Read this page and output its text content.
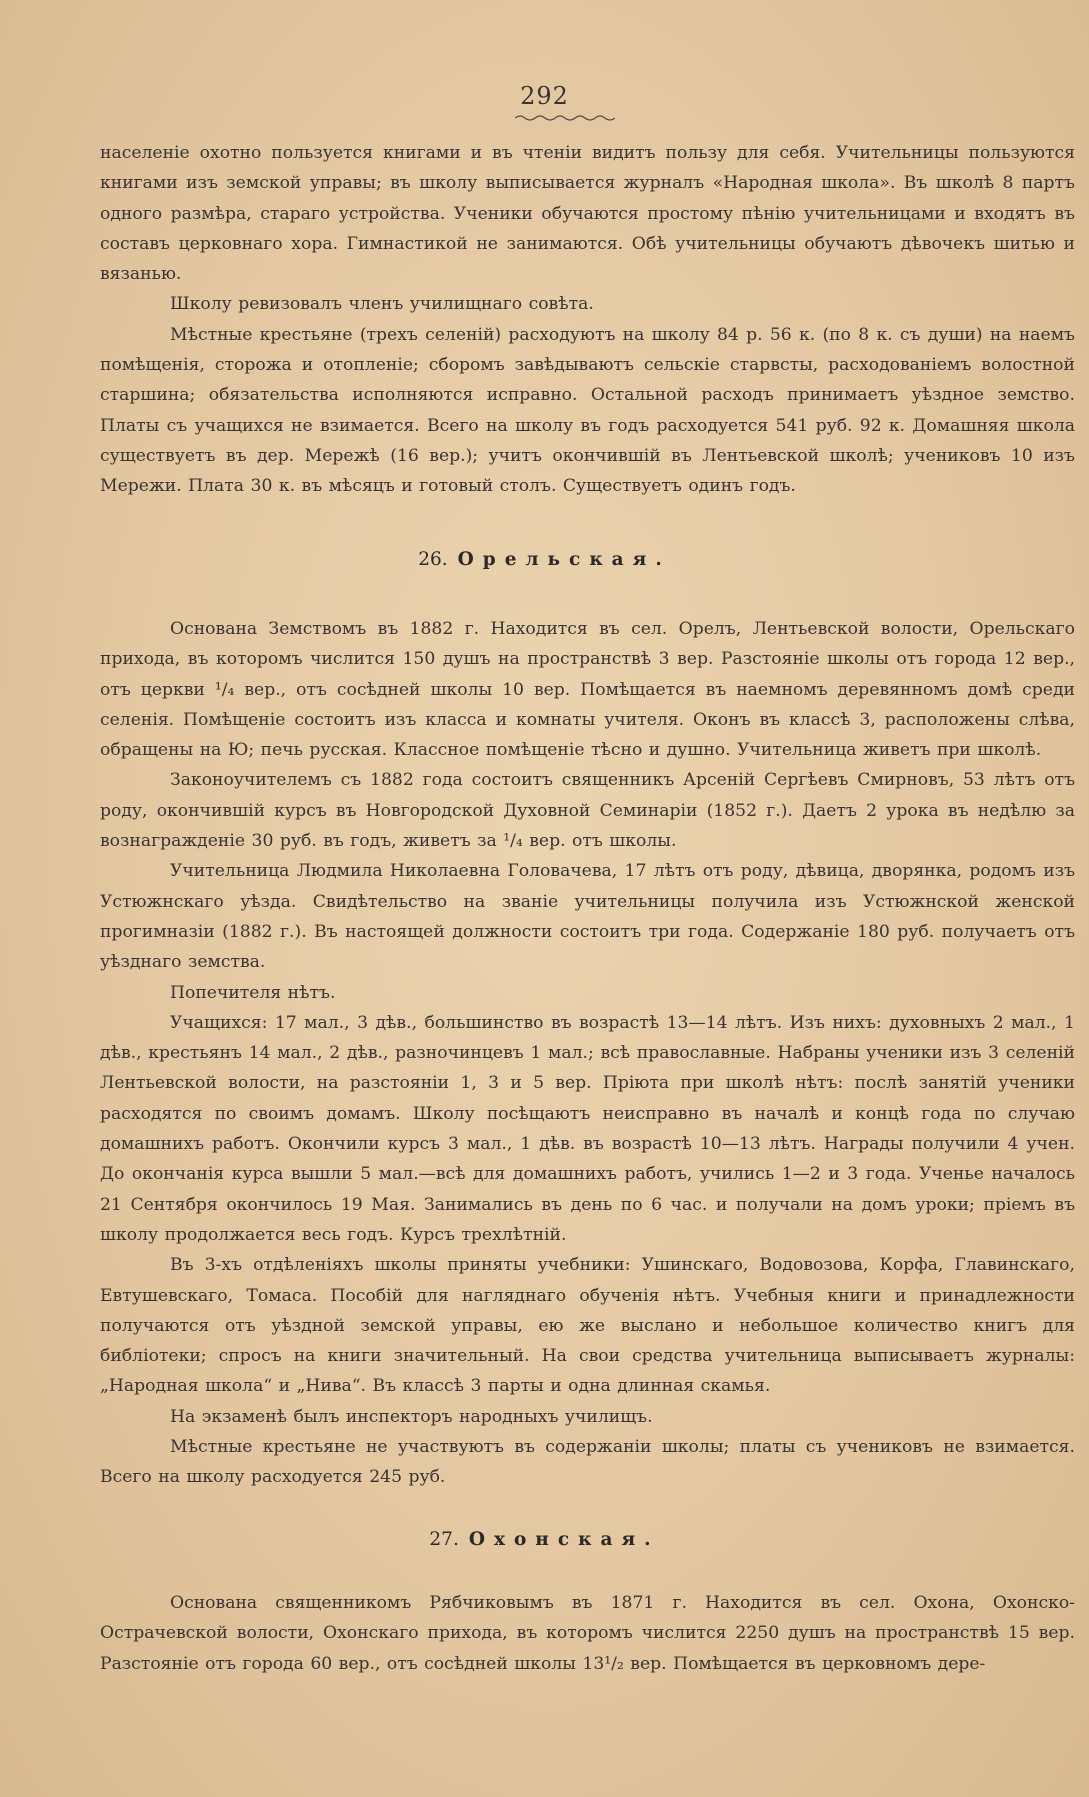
292

населеніе охотно пользуется книгами и въ чтеніи видитъ пользу для себя. Учительницы пользуются книгами изъ земской управы; въ школу выписывается журналъ «Народная школа». Въ школѣ 8 партъ одного размѣра, стараго устройства. Ученики обучаются простому пѣнію учительницами и входятъ въ составъ церковнаго хора. Гимнастикой не занимаются. Обѣ учительницы обучаютъ дѣвочекъ шитью и вязанью.

Школу ревизовалъ членъ училищнаго совѣта.

Мѣстные крестьяне (трехъ селеній) расходуютъ на школу 84 р. 56 к. (по 8 к. съ души) на наемъ помѣщенія, сторожа и отопленіе; сборомъ завѣдываютъ сельскіе старвсты, расходованіемъ волостной старшина; обязательства исполняются исправно. Остальной расходъ принимаетъ уѣздное земство. Платы съ учащихся не взимается. Всего на школу въ годъ расходуется 541 руб. 92 к. Домашняя школа существуетъ въ дер. Мережѣ (16 вер.); учитъ окончившій въ Лентьевской школѣ; учениковъ 10 изъ Мережи. Плата 30 к. въ мѣсяцъ и готовый столъ. Существуетъ одинъ годъ.

26. Орельская.

Основана Земствомъ въ 1882 г. Находится въ сел. Орелъ, Лентьевской волости, Орельскаго прихода, въ которомъ числится 150 душъ на пространствѣ 3 вер. Разстояніе школы отъ города 12 вер., отъ церкви ¹/₄ вер., отъ сосѣдней школы 10 вер. Помѣщается въ наемномъ деревянномъ домѣ среди селенія. Помѣщеніе состоитъ изъ класса и комнаты учителя. Оконъ въ классѣ 3, расположены слѣва, обращены на Ю; печь русская. Классное помѣщеніе тѣсно и душно. Учительница живетъ при школѣ.

Законоучителемъ съ 1882 года состоитъ священникъ Арсеній Сергѣевъ Смирновъ, 53 лѣтъ отъ роду, окончившій курсъ въ Новгородской Духовной Семинаріи (1852 г.). Даетъ 2 урока въ недѣлю за вознагражденіе 30 руб. въ годъ, живетъ за ¹/₄ вер. отъ школы.

Учительница Людмила Николаевна Головачева, 17 лѣтъ отъ роду, дѣвица, дворянка, родомъ изъ Устюжнскаго уѣзда. Свидѣтельство на званіе учительницы получила изъ Устюжнской женской прогимназіи (1882 г.). Въ настоящей должности состоитъ три года. Содержаніе 180 руб. получаетъ отъ уѣзднаго земства.

Попечителя нѣтъ.

Учащихся: 17 мал., 3 дѣв., большинство въ возрастѣ 13—14 лѣтъ. Изъ нихъ: духовныхъ 2 мал., 1 дѣв., крестьянъ 14 мал., 2 дѣв., разночинцевъ 1 мал.; всѣ православные. Набраны ученики изъ 3 селеній Лентьевской волости, на разстояніи 1, 3 и 5 вер. Пріюта при школѣ нѣтъ: послѣ занятій ученики расходятся по своимъ домамъ. Школу посѣщаютъ неисправно въ началѣ и концѣ года по случаю домашнихъ работъ. Окончили курсъ 3 мал., 1 дѣв. въ возрастѣ 10—13 лѣтъ. Награды получили 4 учен. До окончанія курса вышли 5 мал.—всѣ для домашнихъ работъ, учились 1—2 и 3 года. Ученье началось 21 Сентября окончилось 19 Мая. Занимались въ день по 6 час. и получали на домъ уроки; пріемъ въ школу продолжается весь годъ. Курсъ трехлѣтній.

Въ 3-хъ отдѣленіяхъ школы приняты учебники: Ушинскаго, Водовозова, Корфа, Главинскаго, Евтушевскаго, Томаса. Пособій для нагляднаго обученія нѣтъ. Учебныя книги и принадлежности получаются отъ уѣздной земской управы, ею же выслано и небольшое количество книгъ для библіотеки; спросъ на книги значительный. На свои средства учительница выписываетъ журналы: „Народная школа“ и „Нива“. Въ классѣ 3 парты и одна длинная скамья.

На экзаменѣ былъ инспекторъ народныхъ училищъ.

Мѣстные крестьяне не участвуютъ въ содержаніи школы; платы съ учениковъ не взимается. Всего на школу расходуется 245 руб.

27. Охонская.

Основана священникомъ Рябчиковымъ въ 1871 г. Находится въ сел. Охона, Охонско-Острачевской волости, Охонскаго прихода, въ которомъ числится 2250 душъ на пространствѣ 15 вер. Разстояніе отъ города 60 вер., отъ сосѣдней школы 13¹/₂ вер. Помѣщается въ церковномъ дере-
